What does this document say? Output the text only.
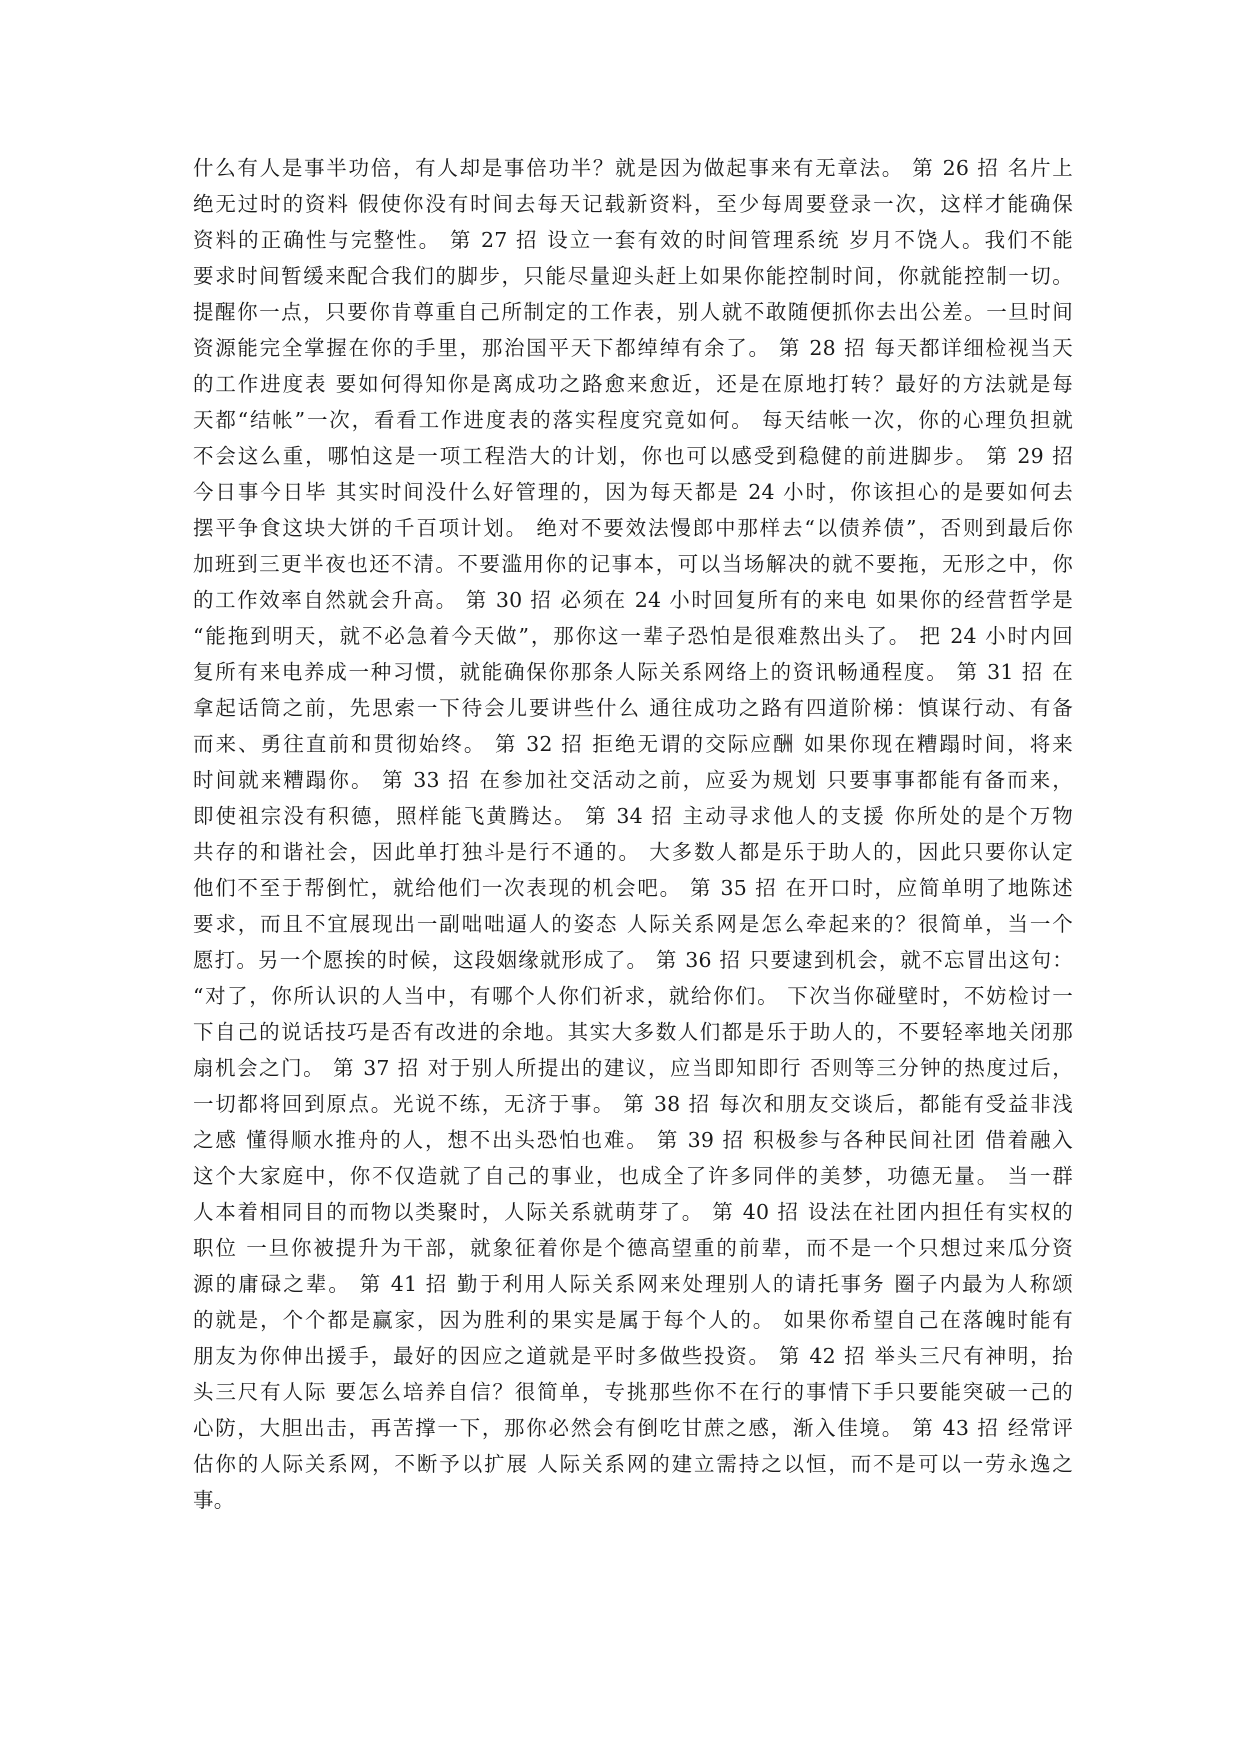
什么有人是事半功倍，有人却是事倍功半？就是因为做起事来有无章法。 第 26 招 名片上
绝无过时的资料 假使你没有时间去每天记载新资料，至少每周要登录一次，这样才能确保
资料的正确性与完整性。 第 27 招 设立一套有效的时间管理系统 岁月不饶人。我们不能
要求时间暂缓来配合我们的脚步，只能尽量迎头赶上如果你能控制时间，你就能控制一切。
提醒你一点，只要你肯尊重自己所制定的工作表，别人就不敢随便抓你去出公差。一旦时间
资源能完全掌握在你的手里，那治国平天下都绰绰有余了。 第 28 招 每天都详细检视当天
的工作进度表 要如何得知你是离成功之路愈来愈近，还是在原地打转？最好的方法就是每
天都“结帐”一次，看看工作进度表的落实程度究竟如何。 每天结帐一次，你的心理负担就
不会这么重，哪怕这是一项工程浩大的计划，你也可以感受到稳健的前进脚步。 第 29 招
今日事今日毕 其实时间没什么好管理的，因为每天都是 24 小时，你该担心的是要如何去
摆平争食这块大饼的千百项计划。 绝对不要效法慢郎中那样去“以债养债”，否则到最后你
加班到三更半夜也还不清。不要滥用你的记事本，可以当场解决的就不要拖，无形之中，你
的工作效率自然就会升高。 第 30 招 必须在 24 小时回复所有的来电 如果你的经营哲学是
“能拖到明天，就不必急着今天做”，那你这一辈子恐怕是很难熬出头了。 把 24 小时内回
复所有来电养成一种习惯，就能确保你那条人际关系网络上的资讯畅通程度。 第 31 招 在
拿起话筒之前，先思索一下待会儿要讲些什么 通往成功之路有四道阶梯：慎谋行动、有备
而来、勇往直前和贯彻始终。 第 32 招 拒绝无谓的交际应酬 如果你现在糟蹋时间，将来
时间就来糟蹋你。 第 33 招 在参加社交活动之前，应妥为规划 只要事事都能有备而来，
即使祖宗没有积德，照样能飞黄腾达。 第 34 招 主动寻求他人的支援 你所处的是个万物
共存的和谐社会，因此单打独斗是行不通的。 大多数人都是乐于助人的，因此只要你认定
他们不至于帮倒忙，就给他们一次表现的机会吧。 第 35 招 在开口时，应简单明了地陈述
要求，而且不宜展现出一副咄咄逼人的姿态 人际关系网是怎么牵起来的？很简单，当一个
愿打。另一个愿挨的时候，这段姻缘就形成了。 第 36 招 只要逮到机会，就不忘冒出这句：
“对了，你所认识的人当中，有哪个人你们祈求，就给你们。 下次当你碰壁时，不妨检讨一
下自己的说话技巧是否有改进的余地。其实大多数人们都是乐于助人的，不要轻率地关闭那
扇机会之门。 第 37 招 对于别人所提出的建议，应当即知即行 否则等三分钟的热度过后，
一切都将回到原点。光说不练，无济于事。 第 38 招 每次和朋友交谈后，都能有受益非浅
之感 懂得顺水推舟的人，想不出头恐怕也难。 第 39 招 积极参与各种民间社团 借着融入
这个大家庭中，你不仅造就了自己的事业，也成全了许多同伴的美梦，功德无量。 当一群
人本着相同目的而物以类聚时，人际关系就萌芽了。 第 40 招 设法在社团内担任有实权的
职位 一旦你被提升为干部，就象征着你是个德高望重的前辈，而不是一个只想过来瓜分资
源的庸碌之辈。 第 41 招 勤于利用人际关系网来处理别人的请托事务 圈子内最为人称颂
的就是，个个都是赢家，因为胜利的果实是属于每个人的。 如果你希望自己在落魄时能有
朋友为你伸出援手，最好的因应之道就是平时多做些投资。 第 42 招 举头三尺有神明，抬
头三尺有人际 要怎么培养自信？很简单，专挑那些你不在行的事情下手只要能突破一己的
心防，大胆出击，再苦撑一下，那你必然会有倒吃甘蔗之感，渐入佳境。 第 43 招 经常评
估你的人际关系网，不断予以扩展 人际关系网的建立需持之以恒，而不是可以一劳永逸之
事。
